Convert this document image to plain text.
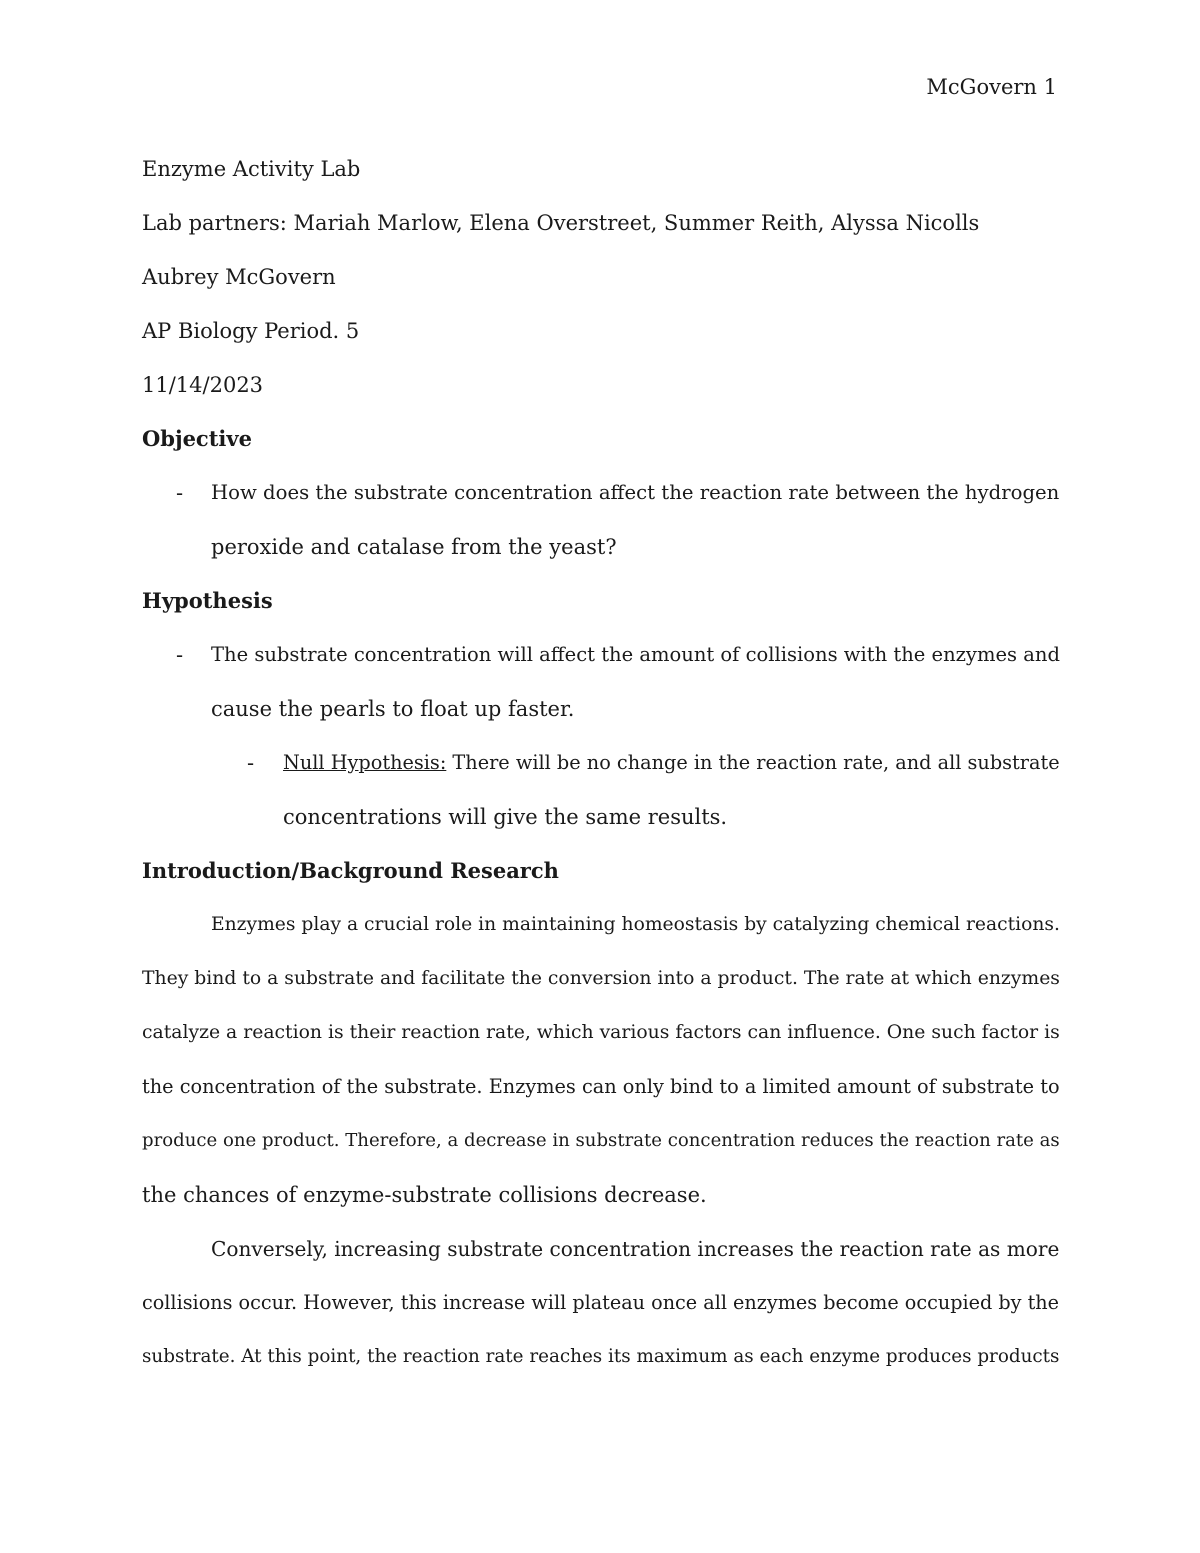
McGovern 1

Enzyme Activity Lab

Lab partners: Mariah Marlow, Elena Overstreet, Summer Reith, Alyssa Nicolls

Aubrey McGovern

AP Biology Period. 5

11/14/2023

Objective

- How does the substrate concentration affect the reaction rate between the hydrogen
peroxide and catalase from the yeast?

Hypothesis

- The substrate concentration will affect the amount of collisions with the enzymes and
cause the pearls to float up faster.
- Null Hypothesis: There will be no change in the reaction rate, and all substrate
concentrations will give the same results.

Introduction/Background Research

Enzymes play a crucial role in maintaining homeostasis by catalyzing chemical reactions.
They bind to a substrate and facilitate the conversion into a product. The rate at which enzymes
catalyze a reaction is their reaction rate, which various factors can influence. One such factor is
the concentration of the substrate. Enzymes can only bind to a limited amount of substrate to
produce one product. Therefore, a decrease in substrate concentration reduces the reaction rate as
the chances of enzyme-substrate collisions decrease.
Conversely, increasing substrate concentration increases the reaction rate as more
collisions occur. However, this increase will plateau once all enzymes become occupied by the
substrate. At this point, the reaction rate reaches its maximum as each enzyme produces products
